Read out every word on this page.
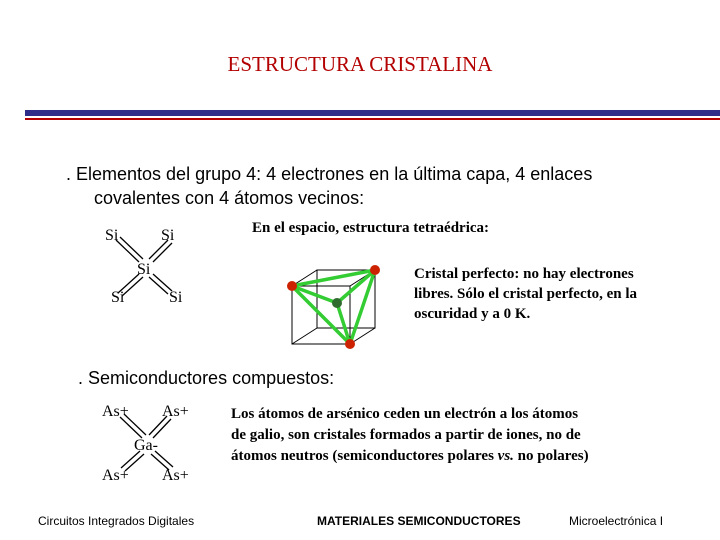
ESTRUCTURA CRISTALINA
. Elementos del grupo 4: 4 electrones en la última capa, 4 enlaces
covalentes con 4 átomos vecinos:
Si	Si
Si
Si	Si
En el espacio, estructura tetraédrica:
Cristal perfecto: no hay electrones
libres. Sólo el cristal perfecto, en la
oscuridad y a 0 K.
. Semiconductores compuestos:
As+ As+
Ga-
As+ As+
Los átomos de arsénico ceden un electrón a los átomos
de galio, son cristales formados a partir de iones, no de
átomos neutros (semiconductores polares vs. no polares)
Circuitos Integrados Digitales	MATERIALES SEMICONDUCTORES	Microelectrónica I
